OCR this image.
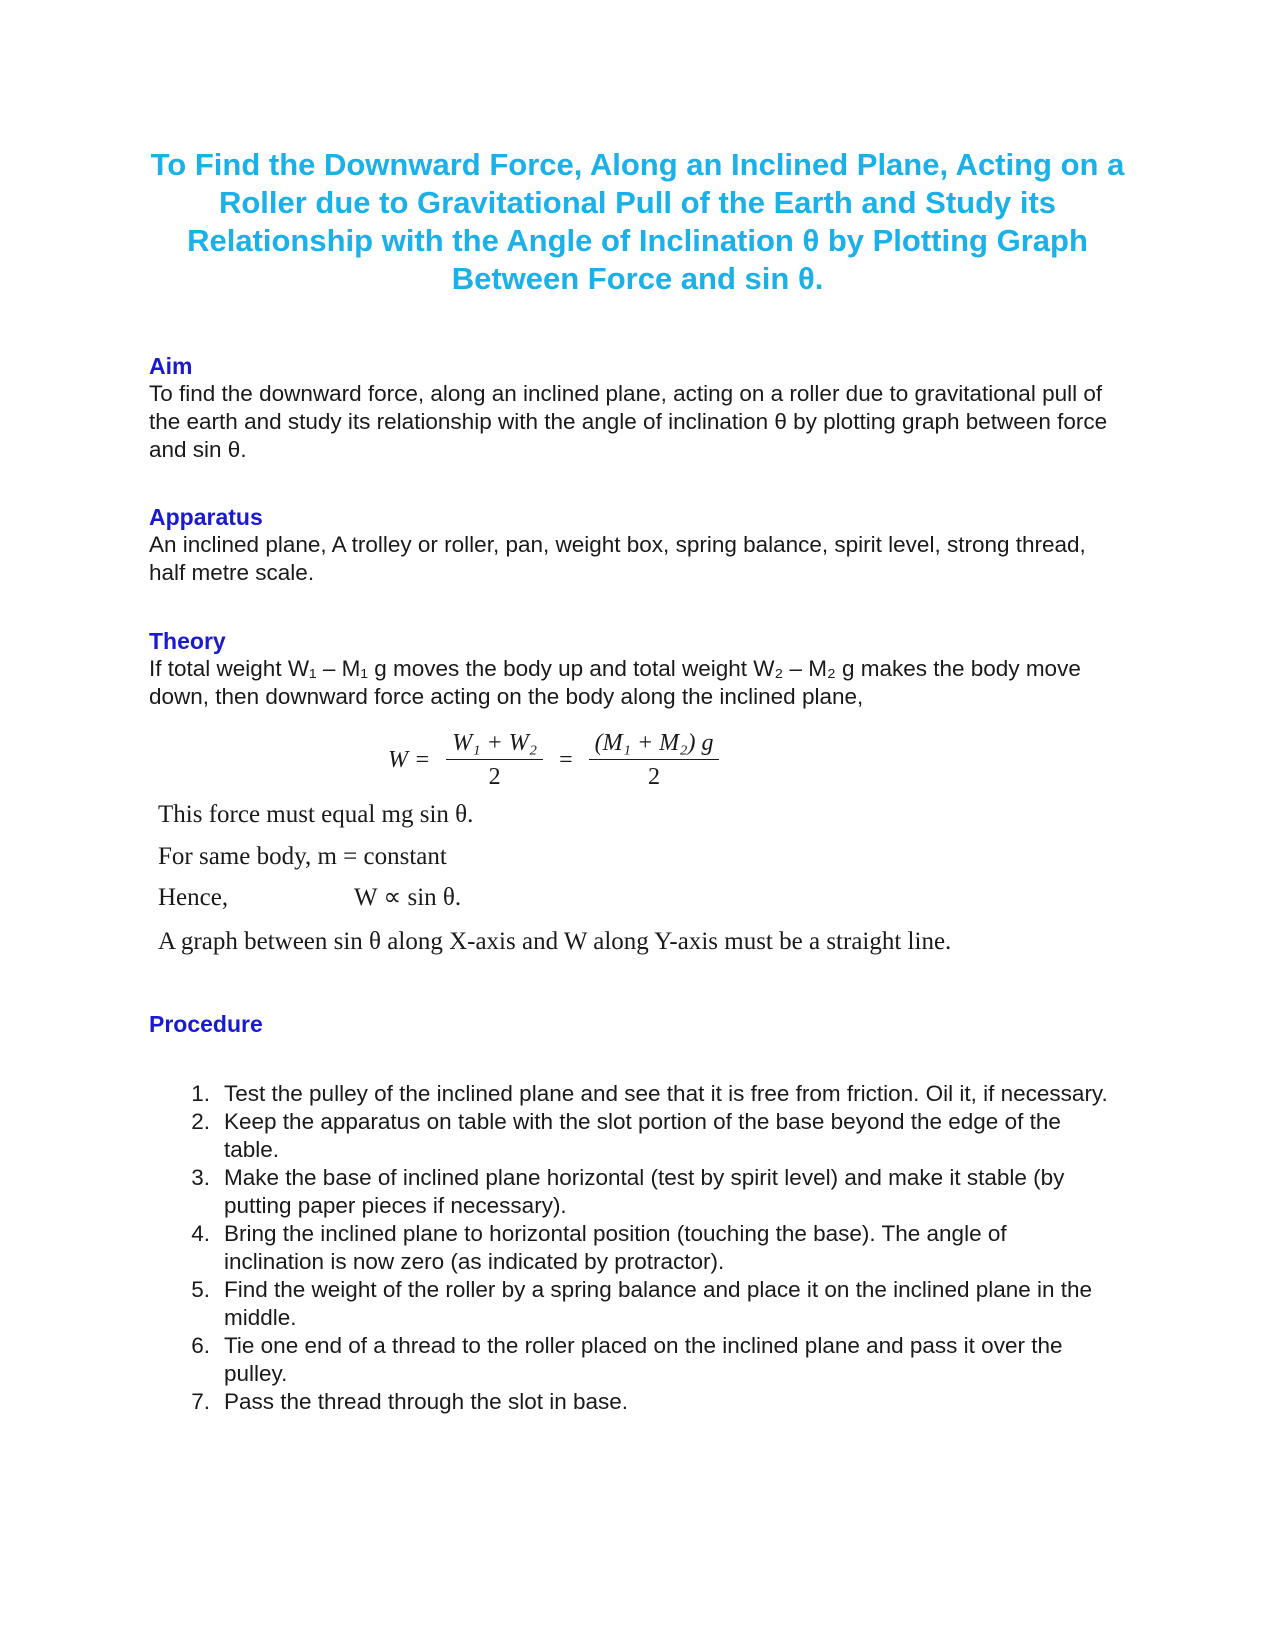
To Find the Downward Force, Along an Inclined Plane, Acting on a Roller due to Gravitational Pull of the Earth and Study its Relationship with the Angle of Inclination θ by Plotting Graph Between Force and sin θ.
Aim

To find the downward force, along an inclined plane, acting on a roller due to gravitational pull of the earth and study its relationship with the angle of inclination θ by plotting graph between force and sin θ.

Apparatus

An inclined plane, A trolley or roller, pan, weight box, spring balance, spirit level, strong thread, half metre scale.

Theory

If total weight W₁ – M₁ g moves the body up and total weight W₂ – M₂ g makes the body move down, then downward force acting on the body along the inclined plane,

$W = \frac{\text{W₁ + W₂}}{2} = \frac{\text{(M₁ + M₂) g}}{2}$

This force must equal mg sin θ.

For same body, m = constant

Hence,	W ∝ sin θ.

A graph between sin θ along X-axis and W along Y-axis must be a straight line.

Procedure
1. Test the pulley of the inclined plane and see that it is free from friction. Oil it, if necessary.
2. Keep the apparatus on table with the slot portion of the base beyond the edge of the table.
3. Make the base of inclined plane horizontal (test by spirit level) and make it stable (by putting paper pieces if necessary).
4. Bring the inclined plane to horizontal position (touching the base). The angle of inclination is now zero (as indicated by protractor).
5. Find the weight of the roller by a spring balance and place it on the inclined plane in the middle.
6. Tie one end of a thread to the roller placed on the inclined plane and pass it over the pulley.
7. Pass the thread through the slot in base.
